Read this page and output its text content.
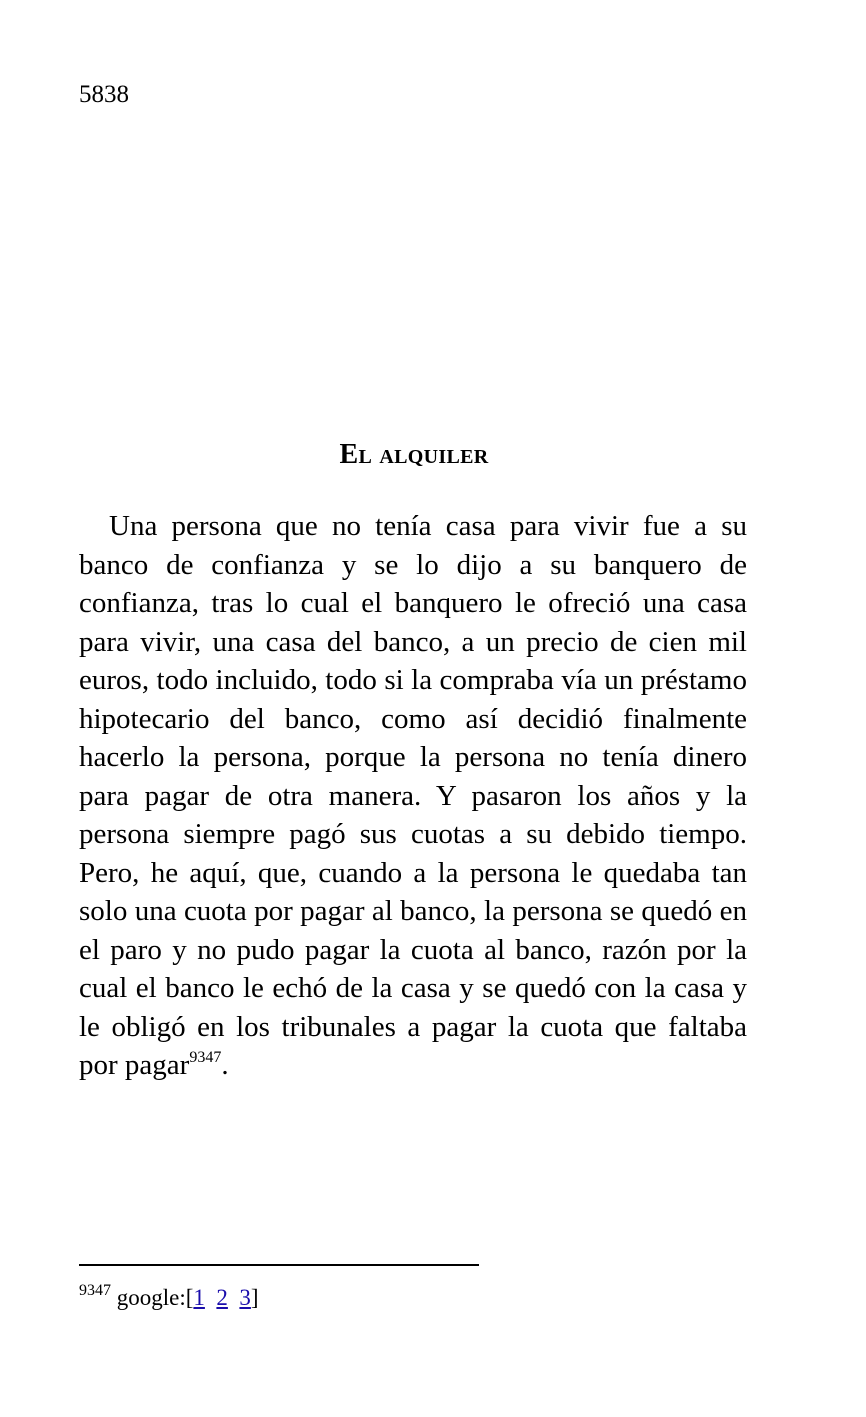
5838
El alquiler

Una persona que no tenía casa para vivir fue a su banco de confianza y se lo dijo a su banquero de confianza, tras lo cual el banquero le ofreció una casa para vivir, una casa del banco, a un precio de cien mil euros, todo incluido, todo si la compraba vía un préstamo hipotecario del banco, como así decidió finalmente hacerlo la persona, porque la persona no tenía dinero para pagar de otra manera. Y pasaron los años y la persona siempre pagó sus cuotas a su debido tiempo. Pero, he aquí, que, cuando a la persona le quedaba tan solo una cuota por pagar al banco, la persona se quedó en el paro y no pudo pagar la cuota al banco, razón por la cual el banco le echó de la casa y se quedó con la casa y le obligó en los tribunales a pagar la cuota que faltaba por pagar$^{9347}$.

$^{9347}$ google:[1 2 3]
